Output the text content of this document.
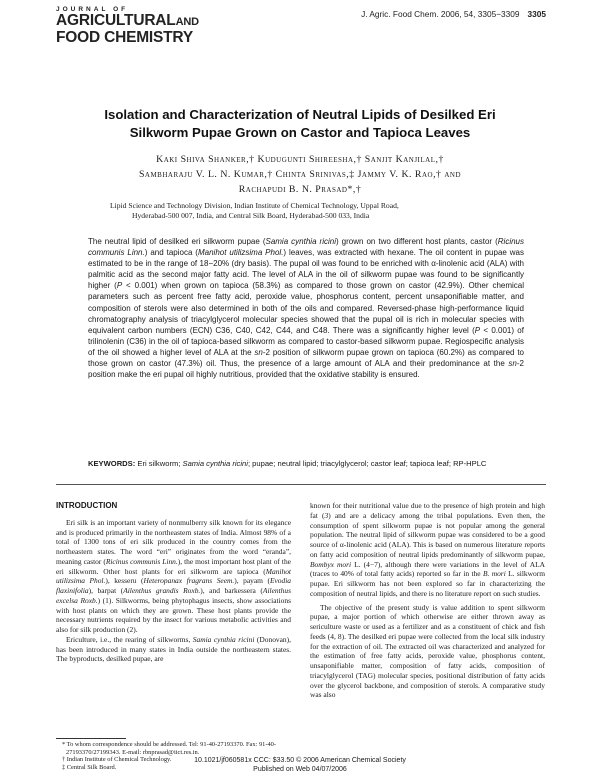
JOURNAL OF
AGRICULTURALAND
FOOD CHEMISTRY
J. Agric. Food Chem. 2006, 54, 3305−3309 3305
Isolation and Characterization of Neutral Lipids of Desilked Eri
Silkworm Pupae Grown on Castor and Tapioca Leaves
Kaki Shiva Shanker,† Kudugunti Shireesha,† Sanjit Kanjilal,†
Sambharaju V. L. N. Kumar,† Chinta Srinivas,‡ Jammy V. K. Rao,† and
Rachapudi B. N. Prasad*,†
Lipid Science and Technology Division, Indian Institute of Chemical Technology, Uppal Road,
Hyderabad-500 007, India, and Central Silk Board, Hyderabad-500 033, India
The neutral lipid of desilked eri silkworm pupae (Samia cynthia ricini) grown on two different host plants, castor (Ricinus communis Linn.) and tapioca (Manihot utilizsima Phol.) leaves, was extracted with hexane. The oil content in pupae was estimated to be in the range of 18−20% (dry basis). The pupal oil was found to be enriched with α-linolenic acid (ALA) with palmitic acid as the second major fatty acid. The level of ALA in the oil of silkworm pupae was found to be significantly higher (P < 0.001) when grown on tapioca (58.3%) as compared to those grown on castor (42.9%). Other chemical parameters such as percent free fatty acid, peroxide value, phosphorus content, percent unsaponifiable matter, and composition of sterols were also determined in both of the oils and compared. Reversed-phase high-performance liquid chromatography analysis of triacylglycerol molecular species showed that the pupal oil is rich in molecular species with equivalent carbon numbers (ECN) C36, C40, C42, C44, and C48. There was a significantly higher level (P < 0.001) of trilinolenin (C36) in the oil of tapioca-based silkworm as compared to castor-based silkworm pupae. Regiospecific analysis of the oil showed a higher level of ALA at the sn-2 position of silkworm pupae grown on tapioca (60.2%) as compared to those grown on castor (47.3%) oil. Thus, the presence of a large amount of ALA and their predominance at the sn-2 position make the eri pupal oil highly nutritious, provided that the oxidative stability is ensured.
KEYWORDS: Eri silkworm; Samia cynthia ricini; pupae; neutral lipid; triacylglycerol; castor leaf; tapioca leaf; RP-HPLC
INTRODUCTION

Eri silk is an important variety of nonmulberry silk known for its elegance and is produced primarily in the northeastern states of India. Almost 98% of a total of 1300 tons of eri silk produced in the country comes from the northeastern states. The word “eri” originates from the word “eranda”, meaning castor (Ricinus communis Linn.), the most important host plant of the eri silkworm. Other host plants for eri silkworm are tapioca (Manihot utilizsima Phol.), kesseru (Heteropanax fragrans Seem.), payam (Evodia flaxinifolia), barpat (Ailenthus grandis Roxb.), and barkessera (Ailenthus excelsa Roxb.) (1). Silkworms, being phytophagus insects, show associations with host plants on which they are grown. These host plants provide the necessary nutrients required by the insect for various metabolic activities and also for silk production (2).

Ericulture, i.e., the rearing of silkworms, Samia cynthia ricini (Donovan), has been introduced in many states in India outside the northeastern states. The byproducts, desilked pupae, are

* To whom correspondence should be addressed. Tel: 91-40-27193370. Fax: 91-40-27193370/27199343. E-mail: rbnprasad@iict.res.in.
† Indian Institute of Chemical Technology.
‡ Central Silk Board.

known for their nutritional value due to the presence of high protein and high fat (3) and are a delicacy among the tribal populations. Even then, the consumption of spent silkworm pupae is not popular among the general population. The neutral lipid of silkworm pupae was considered to be a good source of α-linolenic acid (ALA). This is based on numerous literature reports on fatty acid composition of neutral lipids predominantly of silkworm pupae, Bombyx mori L. (4−7), although there were variations in the level of ALA (traces to 40% of total fatty acids) reported so far in the B. mori L. silkworm pupae. Eri silkworm has not been explored so far in characterizing the composition of neutral lipids, and there is no literature report on such studies.

The objective of the present study is value addition to spent silkworm pupae, a major portion of which otherwise are either thrown away as sericulture waste or used as a fertilizer and as a constituent of chick and fish feeds (4, 8). The desilked eri pupae were collected from the local silk industry for the extraction of oil. The extracted oil was characterized and analyzed for the estimation of free fatty acids, peroxide value, phosphorus content, unsaponifiable matter, composition of fatty acids, composition of triacylglycerol (TAG) molecular species, positional distribution of fatty acids over the glycerol backbone, and composition of sterols. A comparative study was also

10.1021/jf060581x CCC: $33.50 © 2006 American Chemical Society
Published on Web 04/07/2006
